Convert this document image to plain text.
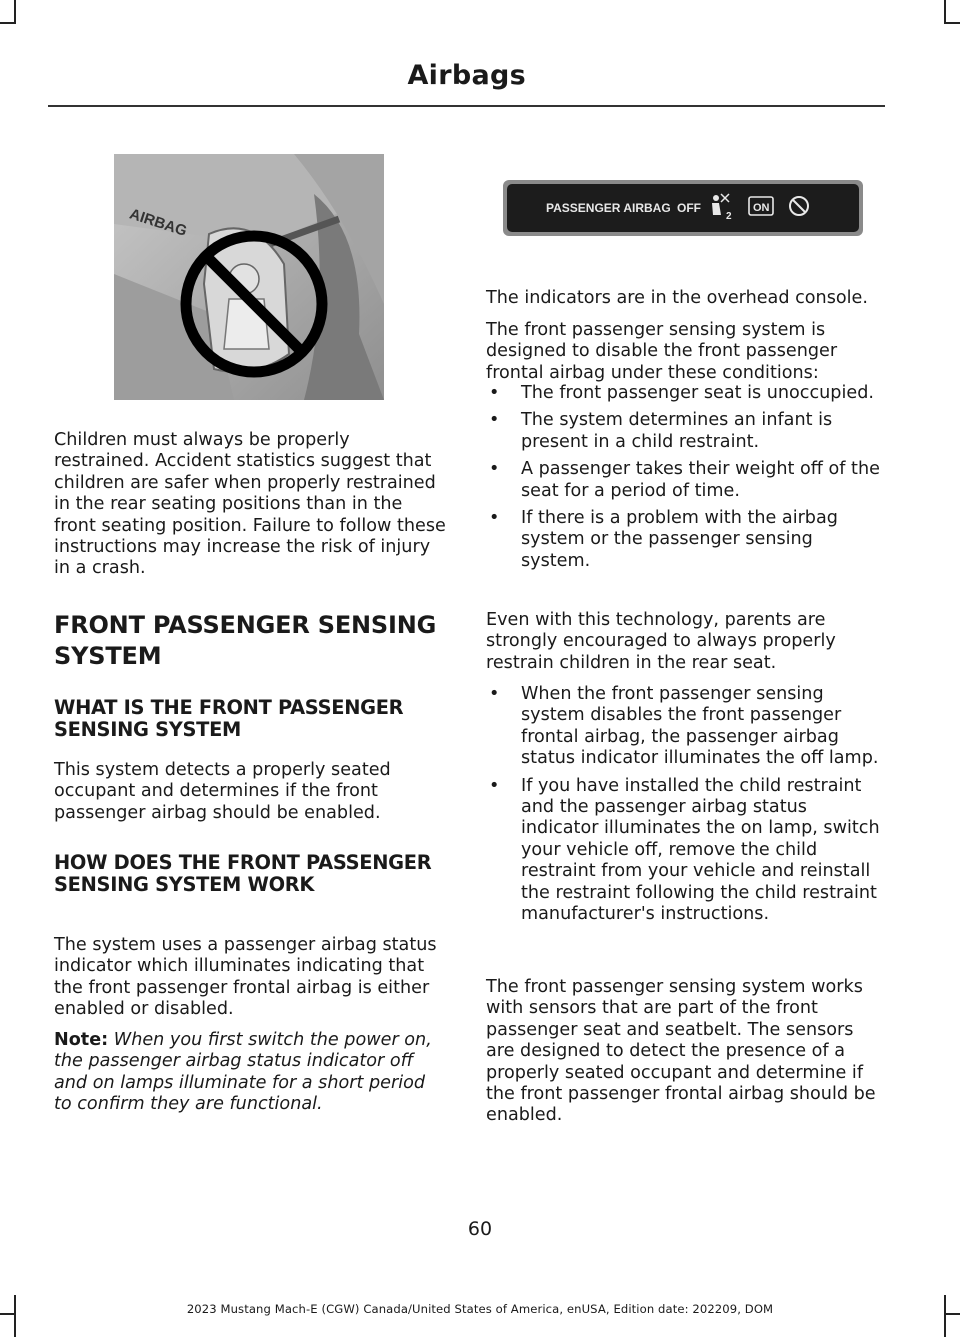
Airbags
AIRBAG	PASSENGER AIRBAG OFF
2
ON

Children must always be properly restrained. Accident statistics suggest that children are safer when properly restrained in the rear seating positions than in the front seating position. Failure to follow these instructions may increase the risk of injury in a crash.

FRONT PASSENGER SENSING
SYSTEM
WHAT IS THE FRONT PASSENGER SENSING SYSTEM

This system detects a properly seated occupant and determines if the front passenger airbag should be enabled.

HOW DOES THE FRONT PASSENGER SENSING SYSTEM WORK

The system uses a passenger airbag status indicator which illuminates indicating that the front passenger frontal airbag is either enabled or disabled.

Note: When you first switch the power on, the passenger airbag status indicator off and on lamps illuminate for a short period to confirm they are functional.

The indicators are in the overhead console.

The front passenger sensing system is designed to disable the front passenger frontal airbag under these conditions:

• The front passenger seat is unoccupied.
• The system determines an infant is present in a child restraint.
• A passenger takes their weight off of the seat for a period of time.
• If there is a problem with the airbag system or the passenger sensing system.

Even with this technology, parents are strongly encouraged to always properly restrain children in the rear seat.

• When the front passenger sensing system disables the front passenger frontal airbag, the passenger airbag status indicator illuminates the off lamp.
• If you have installed the child restraint and the passenger airbag status indicator illuminates the on lamp, switch your vehicle off, remove the child restraint from your vehicle and reinstall the restraint following the child restraint manufacturer's instructions.

The front passenger sensing system works with sensors that are part of the front passenger seat and seatbelt. The sensors are designed to detect the presence of a properly seated occupant and determine if the front passenger frontal airbag should be enabled.

60
2023 Mustang Mach-E (CGW) Canada/United States of America, enUSA, Edition date: 202209, DOM
